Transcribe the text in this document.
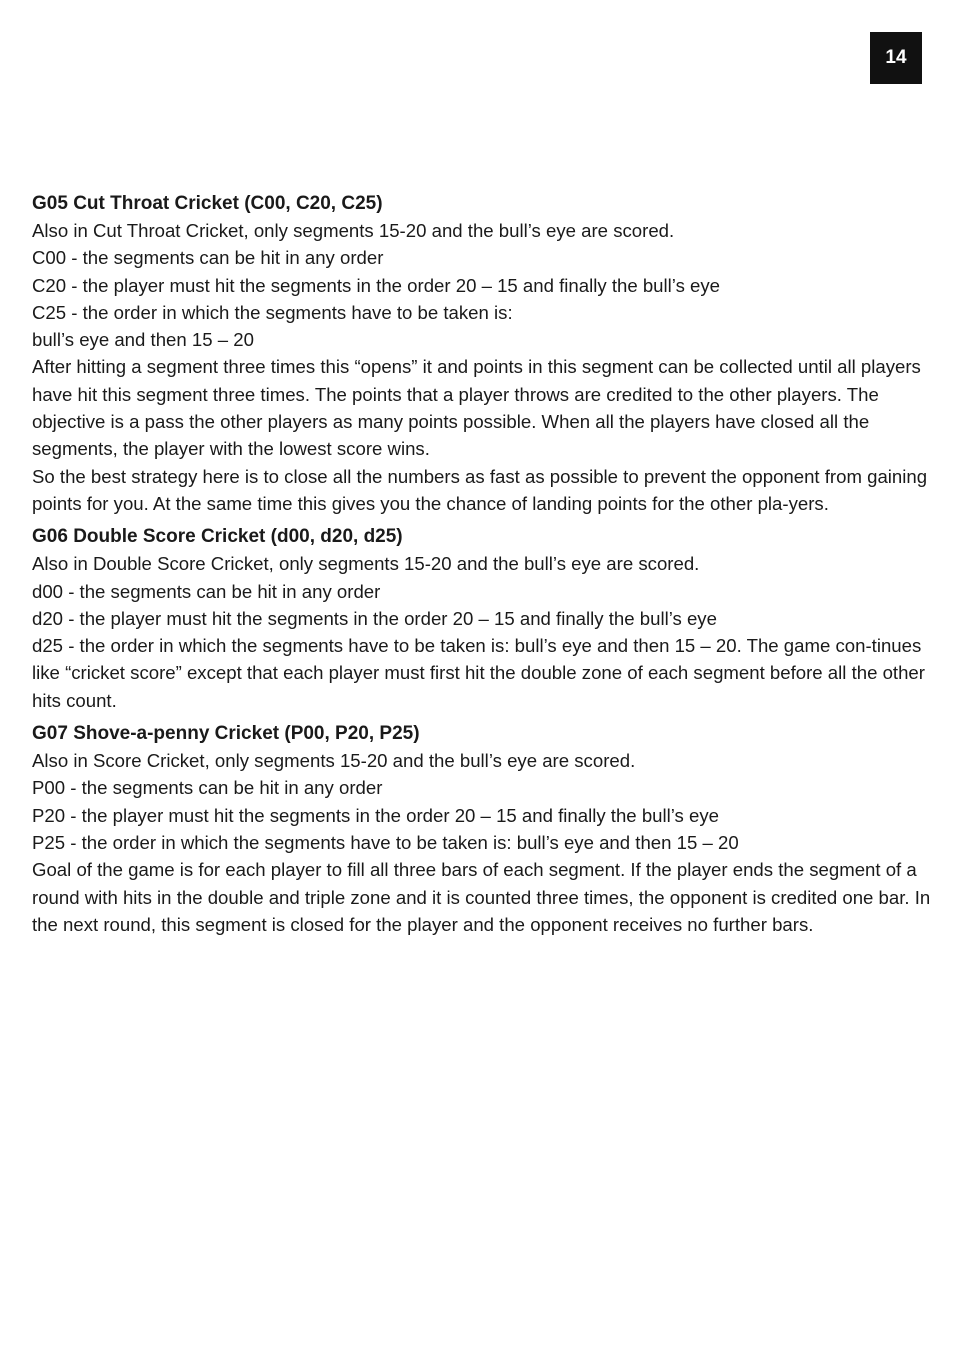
14
G05 Cut Throat Cricket (C00, C20, C25)

Also in Cut Throat Cricket, only segments 15-20 and the bull’s eye are scored.

C00 - the segments can be hit in any order

C20 - the player must hit the segments in the order 20 – 15 and finally the bull’s eye

C25 - the order in which the segments have to be taken is:

bull’s eye and then 15 – 20

After hitting a segment three times this “opens” it and points in this segment can be collected until all players have hit this segment three times. The points that a player throws are credited to the other players. The objective is a pass the other players as many points possible. When all the players have closed all the segments, the player with the lowest score wins.

So the best strategy here is to close all the numbers as fast as possible to prevent the opponent from gaining points for you. At the same time this gives you the chance of landing points for the other pla-yers.

G06 Double Score Cricket (d00, d20, d25)

Also in Double Score Cricket, only segments 15-20 and the bull’s eye are scored.

d00 - the segments can be hit in any order

d20 - the player must hit the segments in the order 20 – 15 and finally the bull’s eye

d25 - the order in which the segments have to be taken is: bull’s eye and then 15 – 20. The game con-tinues like “cricket score” except that each player must first hit the double zone of each segment before all the other hits count.

G07 Shove-a-penny Cricket (P00, P20, P25)

Also in Score Cricket, only segments 15-20 and the bull’s eye are scored.

P00 - the segments can be hit in any order

P20 - the player must hit the segments in the order 20 – 15 and finally the bull’s eye

P25 - the order in which the segments have to be taken is: bull’s eye and then 15 – 20

Goal of the game is for each player to fill all three bars of each segment. If the player ends the segment of a round with hits in the double and triple zone and it is counted three times, the opponent is credited one bar. In the next round, this segment is closed for the player and the opponent receives no further bars.
